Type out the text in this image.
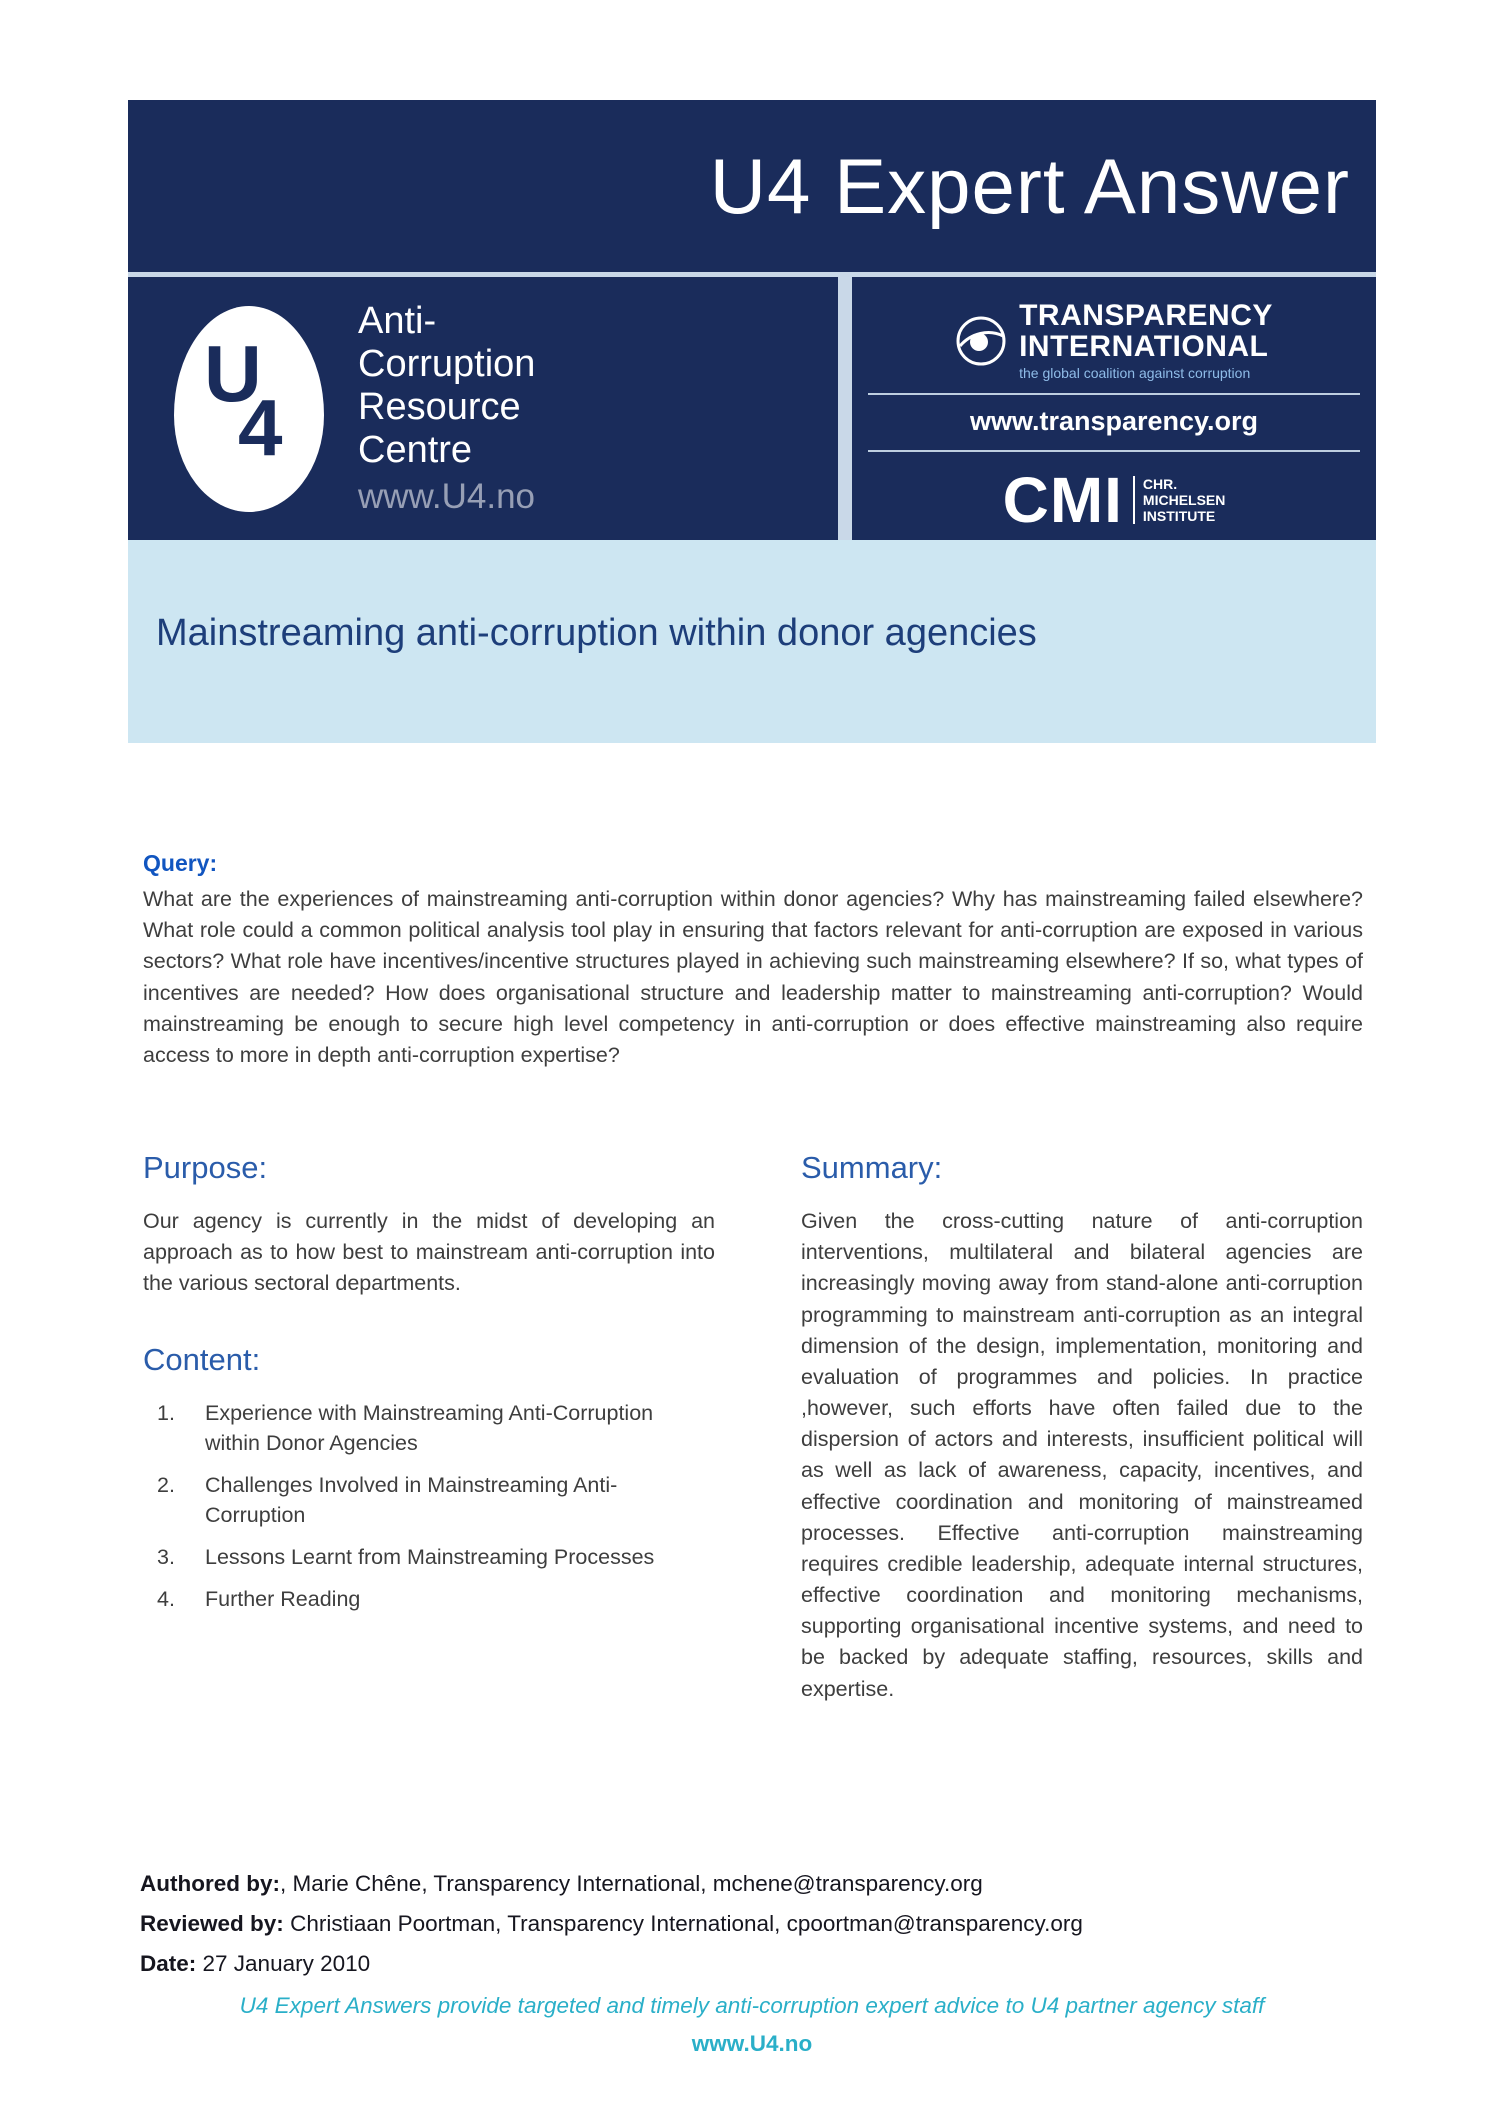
U4 Expert Answer
U
4
Anti-
Corruption
Resource
Centre
www.U4.no
TRANSPARENCY
INTERNATIONAL
the global coalition against corruption
www.transparency.org
CMI	CHR.
MICHELSEN
INSTITUTE
Mainstreaming anti-corruption within donor agencies
Query:
What are the experiences of mainstreaming anti-corruption within donor agencies? Why has mainstreaming failed elsewhere? What role could a common political analysis tool play in ensuring that factors relevant for anti-corruption are exposed in various sectors? What role have incentives/incentive structures played in achieving such mainstreaming elsewhere? If so, what types of incentives are needed? How does organisational structure and leadership matter to mainstreaming anti-corruption? Would mainstreaming be enough to secure high level competency in anti-corruption or does effective mainstreaming also require access to more in depth anti-corruption expertise?
Purpose:
Our agency is currently in the midst of developing an approach as to how best to mainstream anti-corruption into the various sectoral departments.
Content:
1.	Experience with Mainstreaming Anti-Corruption within Donor Agencies
2.	Challenges Involved in Mainstreaming Anti-Corruption
3.	Lessons Learnt from Mainstreaming Processes
4.	Further Reading
Summary:
Given the cross-cutting nature of anti-corruption interventions, multilateral and bilateral agencies are increasingly moving away from stand-alone anti-corruption programming to mainstream anti-corruption as an integral dimension of the design, implementation, monitoring and evaluation of programmes and policies. In practice ,however, such efforts have often failed due to the dispersion of actors and interests, insufficient political will as well as lack of awareness, capacity, incentives, and effective coordination and monitoring of mainstreamed processes. Effective anti-corruption mainstreaming requires credible leadership, adequate internal structures, effective coordination and monitoring mechanisms, supporting organisational incentive systems, and need to be backed by adequate staffing, resources, skills and expertise.
Authored by:, Marie Chêne, Transparency International, mchene@transparency.org
Reviewed by: Christiaan Poortman, Transparency International, cpoortman@transparency.org
Date: 27 January 2010
U4 Expert Answers provide targeted and timely anti-corruption expert advice to U4 partner agency staff
www.U4.no
